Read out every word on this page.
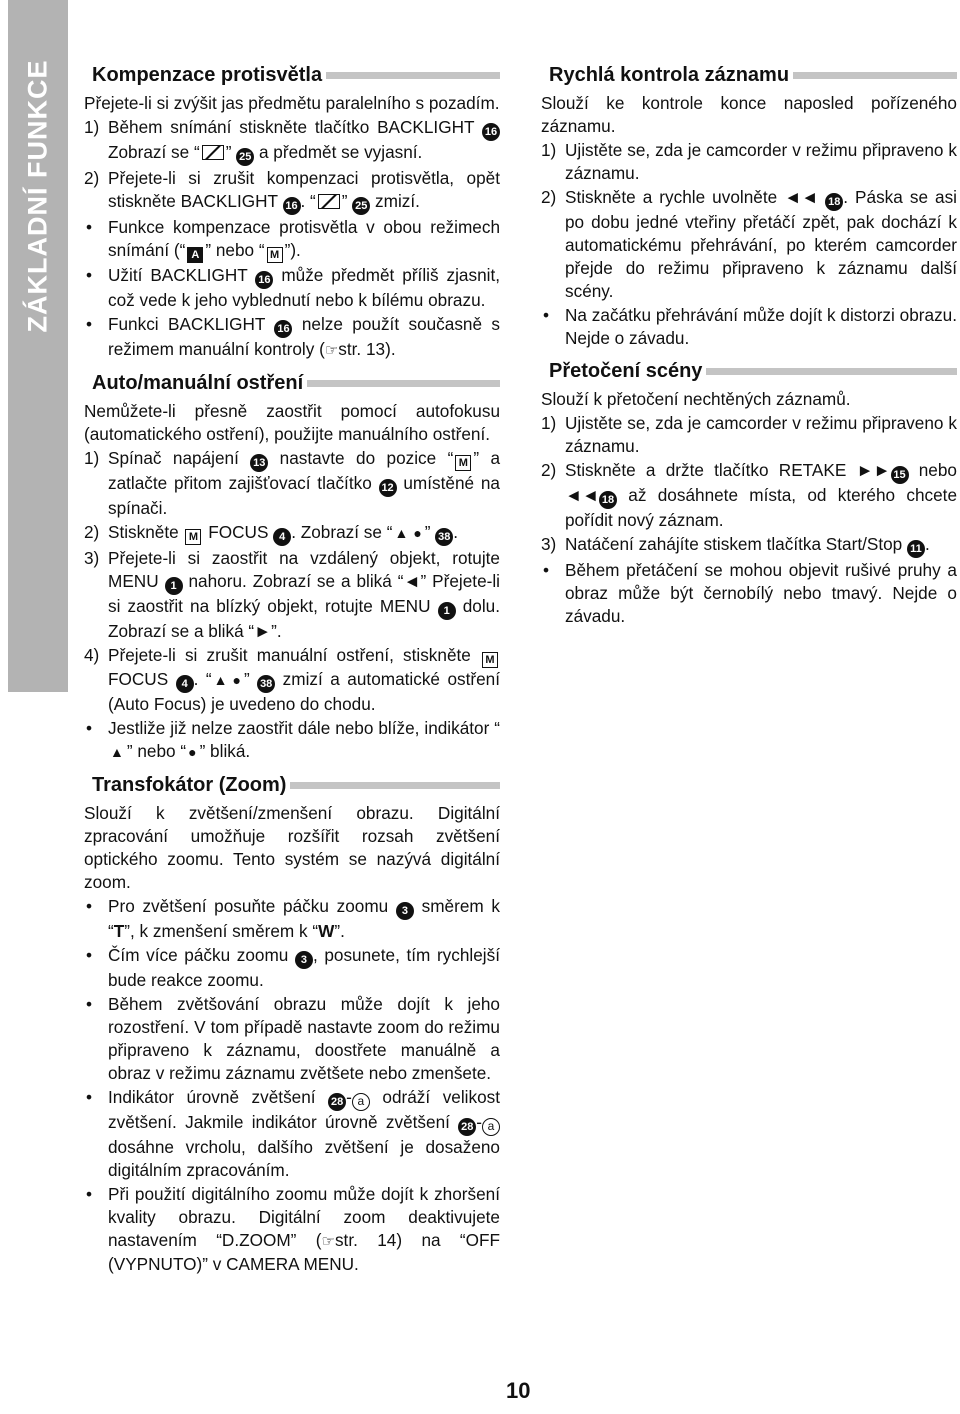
ZÁKLADNÍ FUNKCE	Kompenzace protisvětla

Přejete-li si zvýšit jas předmětu paralelního s pozadím.

1) Během snímání stiskněte tlačítko BACKLIGHT 16 Zobrazí se “ ” 25 a předmět se vyjasní.
2) Přejete-li si zrušit kompenzaci protisvětla, opět stiskněte BACKLIGHT 16 . “ ” 25 zmizí.
• Funkce kompenzace protisvětla v obou režimech snímání (“ A ” nebo “ M ”).
• Užití BACKLIGHT 16 může předmět příliš zjasnit, což vede k jeho vyblednutí nebo k bílému obrazu.
• Funkci BACKLIGHT 16 nelze použít současně s režimem manuální kontroly (☞str. 13).
Auto/manuální ostření

Nemůžete-li přesně zaostřit pomocí autofokusu (automatického ostření), použijte manuálního ostření.

1) Spínač napájení 13 nastavte do pozice “ M ” a zatlačte přitom zajišťovací tlačítko 12 umístěné na spínači.
2) Stiskněte M FOCUS 4 . Zobrazí se “ ▲ ● ” 38 .
3) Přejete-li si zaostřit na vzdálený objekt, rotujte MENU 1 nahoru. Zobrazí se a bliká “◄” Přejete-li si zaostřit na blízký objekt, rotujte MENU 1 dolu. Zobrazí se a bliká “►”.
4) Přejete-li si zrušit manuální ostření, stiskněte M FOCUS 4 . “ ▲ ● ” 38 zmizí a automatické ostření (Auto Focus) je uvedeno do chodu.
• Jestliže již nelze zaostřit dále nebo blíže, indikátor “▲ ” nebo “ ● ” bliká.
Transfokátor (Zoom)

Slouží k zvětšení/zmenšení obrazu. Digitální zpracování umožňuje rozšířit rozsah zvětšení optického zoomu. Tento systém se nazývá digitální zoom.

• Pro zvětšení posuňte páčku zoomu 3 směrem k “T”, k zmenšení směrem k “W”.
• Čím více páčku zoomu 3 , posunete, tím rychlejší bude reakce zoomu.
• Během zvětšování obrazu může dojít k jeho rozostření. V tom případě nastavte zoom do režimu připraveno k záznamu, doostřete manuálně a obraz v režimu záznamu zvětšete nebo zmenšete.
• Indikátor úrovně zvětšení 28 - a odráží velikost zvětšení. Jakmile indikátor úrovně zvětšení 28 - a dosáhne vrcholu, dalšího zvětšení je dosaženo digitálním zpracováním.
• Při použití digitálního zoomu může dojít k zhoršení kvality obrazu. Digitální zoom deaktivujete nastavením “D.ZOOM” (☞str. 14) na “OFF (VYPNUTO)” v CAMERA MENU.
Rychlá kontrola záznamu

Slouží ke kontrole konce naposled pořízeného záznamu.

1) Ujistěte se, zda je camcorder v režimu připraveno k záznamu.
2) Stiskněte a rychle uvolněte ◄◄ 18 . Páska se asi po dobu jedné vteřiny přetáčí zpět, pak dochází k automatickému přehrávání, po kterém camcorder přejde do režimu připraveno k záznamu další scény.
• Na začátku přehrávání může dojít k distorzi obrazu. Nejde o závadu.
Přetočení scény

Slouží k přetočení nechtěných záznamů.

1) Ujistěte se, zda je camcorder v režimu připraveno k záznamu.
2) Stiskněte a držte tlačítko RETAKE ►► 15 nebo ◄◄ 18 až dosáhnete místa, od kterého chcete pořídit nový záznam.
3) Natáčení zahájíte stiskem tlačítka Start/Stop 11 .
• Během přetáčení se mohou objevit rušivé pruhy a obraz může být černobílý nebo tmavý. Nejde o závadu.
10
